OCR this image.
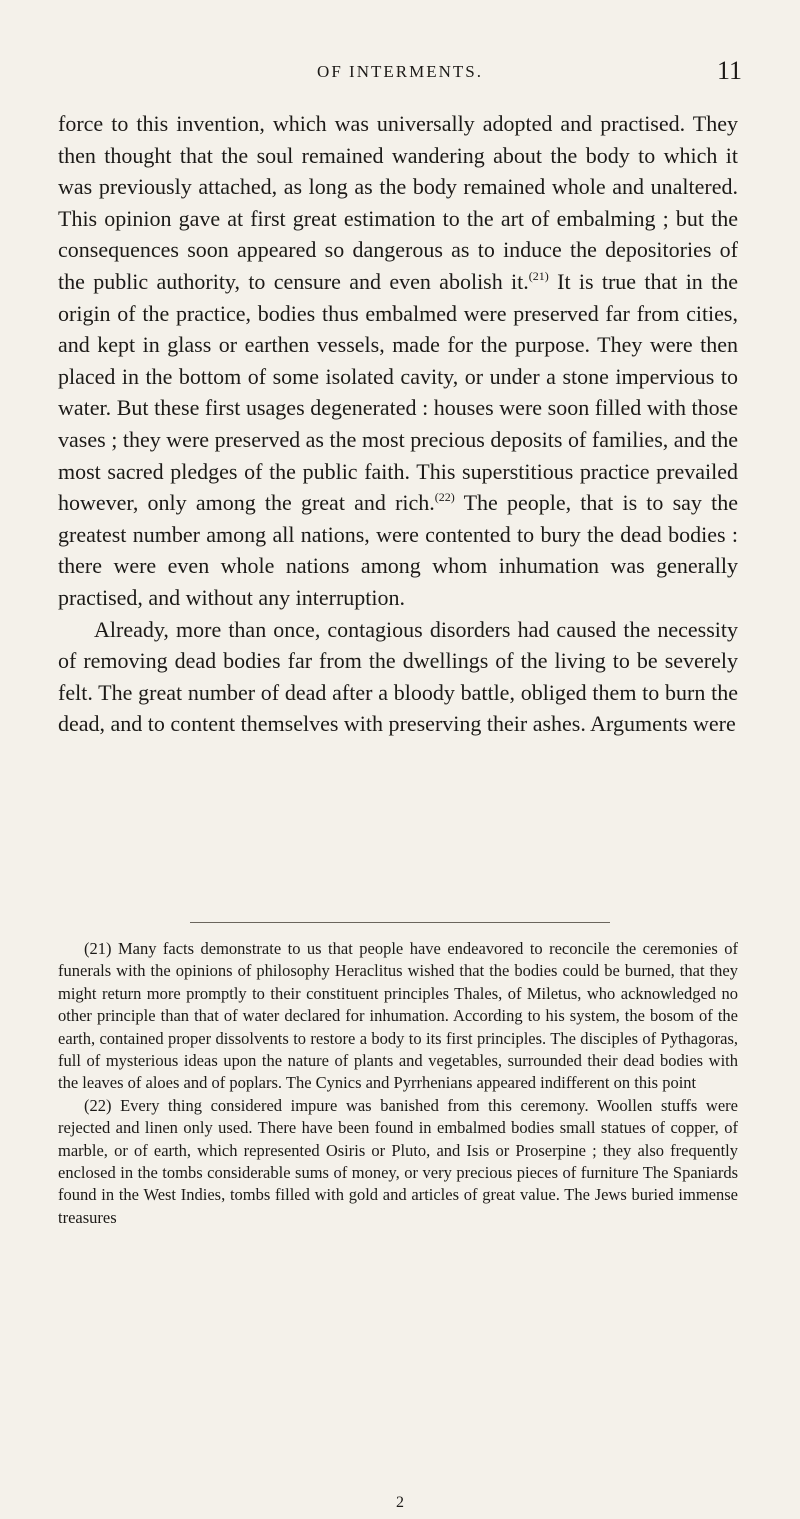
OF INTERMENTS.	11

force to this invention, which was universally adopted and practised. They then thought that the soul remained wandering about the body to which it was previously attached, as long as the body remained whole and unaltered. This opinion gave at first great estimation to the art of embalming ; but the consequences soon appeared so dangerous as to induce the depositories of the public authority, to censure and even abolish it.$^{(21)}$ It is true that in the origin of the practice, bodies thus embalmed were preserved far from cities, and kept in glass or earthen vessels, made for the purpose. They were then placed in the bottom of some isolated cavity, or under a stone impervious to water. But these first usages degenerated : houses were soon filled with those vases ; they were preserved as the most precious deposits of families, and the most sacred pledges of the public faith. This superstitious practice prevailed however, only among the great and rich.$^{(22)}$ The people, that is to say the greatest number among all nations, were contented to bury the dead bodies : there were even whole nations among whom inhumation was generally practised, and without any interruption.

Already, more than once, contagious disorders had caused the necessity of removing dead bodies far from the dwellings of the living to be severely felt. The great number of dead after a bloody battle, obliged them to burn the dead, and to content themselves with preserving their ashes. Arguments were

(21) Many facts demonstrate to us that people have endeavored to reconcile the ceremonies of funerals with the opinions of philosophy Heraclitus wished that the bodies could be burned, that they might return more promptly to their constituent principles Thales, of Miletus, who acknowledged no other principle than that of water declared for inhumation. According to his system, the bosom of the earth, contained proper dissolvents to restore a body to its first principles. The disciples of Pythagoras, full of mysterious ideas upon the nature of plants and vegetables, surrounded their dead bodies with the leaves of aloes and of poplars. The Cynics and Pyrrhenians appeared indifferent on this point

(22) Every thing considered impure was banished from this ceremony. Woollen stuffs were rejected and linen only used. There have been found in embalmed bodies small statues of copper, of marble, or of earth, which represented Osiris or Pluto, and Isis or Proserpine ; they also frequently enclosed in the tombs considerable sums of money, or very precious pieces of furniture The Spaniards found in the West Indies, tombs filled with gold and articles of great value. The Jews buried immense treasures

2
